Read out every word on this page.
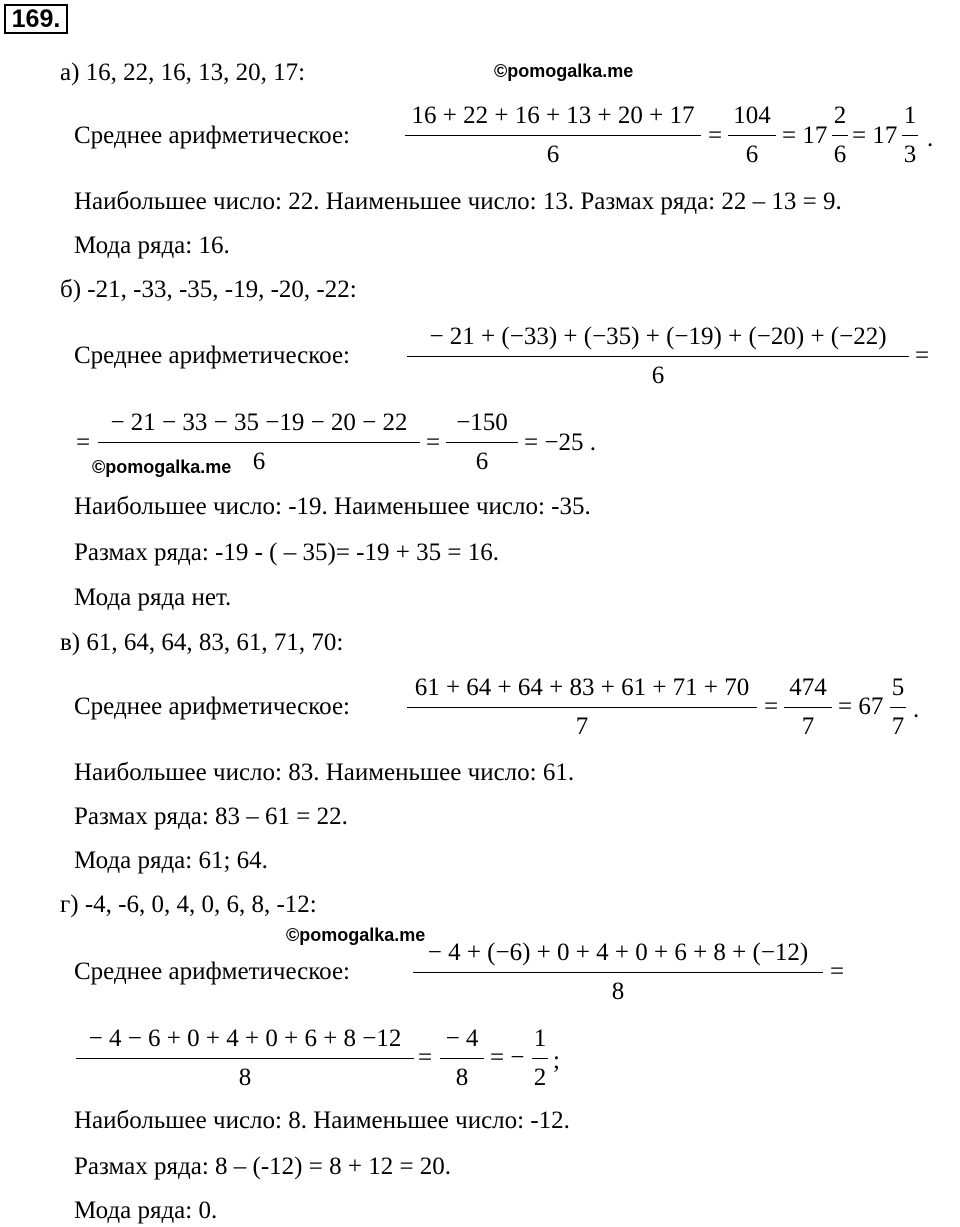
169.
а) 16, 22, 16, 13, 20, 17:	©pomogalka.me
Среднее арифметическое:
16 + 22 + 16 + 13 + 20 + 17
6
=
104
6
= 17
2
6
= 17
1
3
.
Наибольшее число: 22. Наименьшее число: 13. Размах ряда: 22 – 13 = 9.
Мода ряда: 16.
б) -21, -33, -35, -19, -20, -22:
Среднее арифметическое:
− 21 + (−33) + (−35) + (−19) + (−20) + (−22)
6
=
=
− 21 − 33 − 35 −19 − 20 − 22
6
©pomogalka.me
=
−150
6
= −25 .
Наибольшее число: -19. Наименьшее число: -35.
Размах ряда: -19 - ( – 35)= -19 + 35 = 16.
Мода ряда нет.
в) 61, 64, 64, 83, 61, 71, 70:
Среднее арифметическое:
61 + 64 + 64 + 83 + 61 + 71 + 70
7
=
474
7
= 67
5
7
.
Наибольшее число: 83. Наименьшее число: 61.
Размах ряда: 83 – 61 = 22.
Мода ряда: 61; 64.
г) -4, -6, 0, 4, 0, 6, 8, -12:
©pomogalka.me
Среднее арифметическое:
− 4 + (−6) + 0 + 4 + 0 + 6 + 8 + (−12)
8
=
− 4 − 6 + 0 + 4 + 0 + 6 + 8 −12
8
=
− 4
8
= −
1
2
;
Наибольшее число: 8. Наименьшее число: -12.
Размах ряда: 8 – (-12) = 8 + 12 = 20.
Мода ряда: 0.
